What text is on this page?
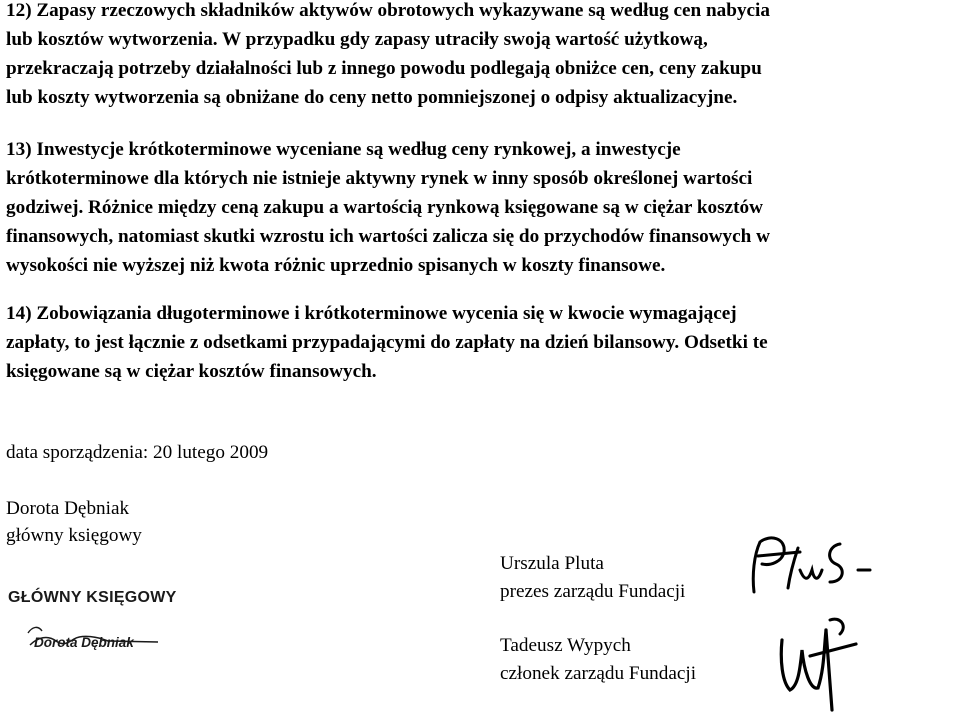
12) Zapasy rzeczowych składników aktywów obrotowych wykazywane są według cen nabycia
lub kosztów wytworzenia. W przypadku gdy zapasy utraciły swoją wartość użytkową,
przekraczają potrzeby działalności lub z innego powodu podlegają obniżce cen, ceny zakupu
lub koszty wytworzenia są obniżane do ceny netto pomniejszonej o odpisy aktualizacyjne.
13) Inwestycje krótkoterminowe wyceniane są według ceny rynkowej, a inwestycje
krótkoterminowe dla których nie istnieje aktywny rynek w inny sposób określonej wartości
godziwej. Różnice między ceną zakupu a wartością rynkową księgowane są w ciężar kosztów
finansowych, natomiast skutki wzrostu ich wartości zalicza się do przychodów finansowych w
wysokości nie wyższej niż kwota różnic uprzednio spisanych w koszty finansowe.
14) Zobowiązania długoterminowe i krótkoterminowe wycenia się w kwocie wymagającej
zapłaty, to jest łącznie z odsetkami przypadającymi do zapłaty na dzień bilansowy. Odsetki te
księgowane są w ciężar kosztów finansowych.
data sporządzenia: 20 lutego 2009
Dorota Dębniak
główny księgowy
GŁÓWNY KSIĘGOWY
Dorota Dębniak
Urszula Pluta
prezes zarządu Fundacji
Tadeusz Wypych
członek zarządu Fundacji
